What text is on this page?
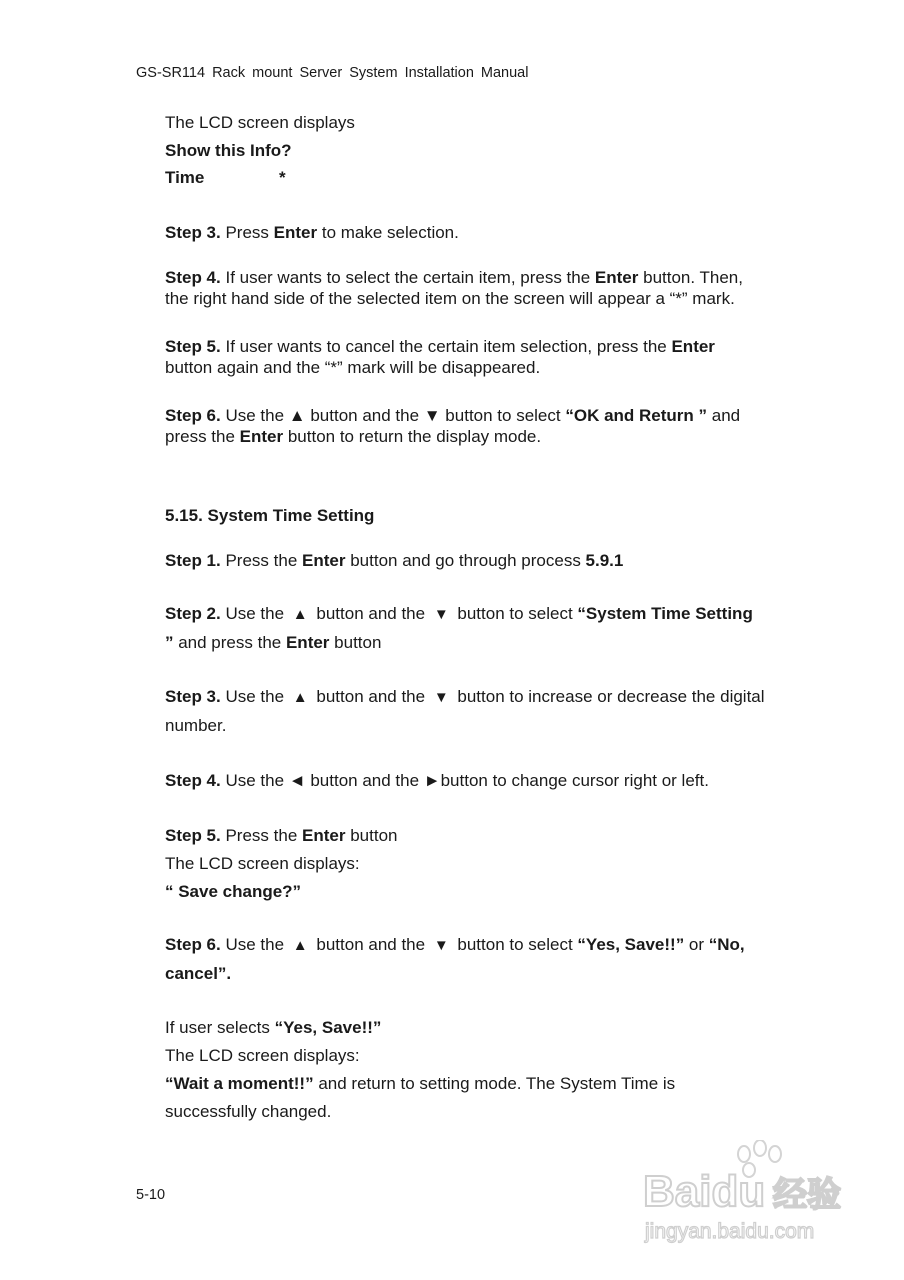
GS-SR114 Rack mount Server System Installation Manual

The LCD screen displays

Show this Info?

Time	*

Step 3. Press Enter to make selection.

Step 4. If user wants to select the certain item, press the Enter button. Then, the right hand side of the selected item on the screen will appear a “*” mark.

Step 5. If user wants to cancel the certain item selection, press the Enter button again and the “*” mark will be disappeared.

Step 6. Use the ▲ button and the ▼ button to select “OK and Return ” and press the Enter button to return the display mode.

5.15. System Time Setting

Step 1. Press the Enter button and go through process 5.9.1

Step 2. Use the ▲ button and the ▼ button to select “System Time Setting ” and press the Enter button

Step 3. Use the ▲ button and the ▼ button to increase or decrease the digital number.

Step 4. Use the ◄ button and the ►button to change cursor right or left.

Step 5. Press the Enter button

The LCD screen displays:

“ Save change?”

Step 6. Use the ▲ button and the ▼ button to select “Yes, Save!!” or “No, cancel”.

If user selects “Yes, Save!!”

The LCD screen displays:

“Wait a moment!!” and return to setting mode. The System Time is successfully changed.

5-10	Baidu 经验
jingyan.baidu.com
